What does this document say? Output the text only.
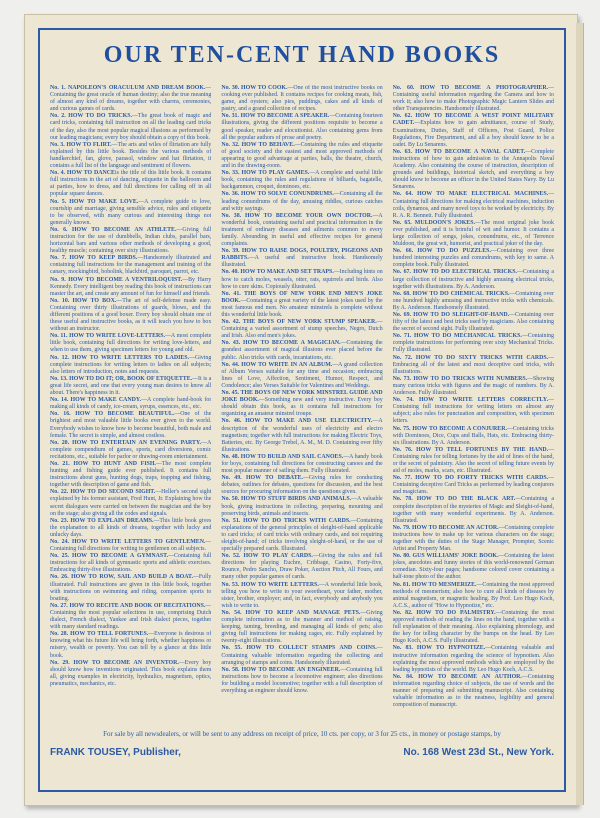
OUR TEN-CENT HAND BOOKS

No. 1. NAPOLEON'S ORACULUM AND DREAM BOOK.—Containing the great oracle of human destiny; also the true meaning of almost any kind of dreams, together with charms, ceremonies, and curious games of cards.

No. 2. HOW TO DO TRICKS.—The great book of magic and card tricks, containing full instruction on all the leading card tricks of the day, also the most popular magical illusions as performed by our leading magicians; every boy should obtain a copy of this book.

No. 3. HOW TO FLIRT.—The arts and wiles of flirtation are fully explained by this little book. Besides the various methods of handkerchief, fan, glove, parasol, window and hat flirtation, it contains a full list of the language and sentiment of flowers.

No. 4. HOW TO DANCEis the title of this little book. It contains full instructions in the art of dancing, etiquette in the ballroom and at parties, how to dress, and full directions for calling off in all popular square dances.

No. 5. HOW TO MAKE LOVE.—A complete guide to love, courtship and marriage, giving sensible advice, rules and etiquette to be observed, with many curious and interesting things not generally known.

No. 6. HOW TO BECOME AN ATHLETE.—Giving full instruction for the use of dumbbells, Indian clubs, parallel bars, horizontal bars and various other methods of developing a good, healthy muscle; containing over sixty illustrations.

No. 7. HOW TO KEEP BIRDS.—Handsomely illustrated and containing full instructions for the management and training of the canary, mockingbird, bobolink, blackbird, paroquet, parrot, etc.

No. 9. HOW TO BECOME A VENTRILOQUIST.—By Harry Kennedy. Every intelligent boy reading this book of instructions can master the art, and create any amount of fun for himself and friends.

No. 10. HOW TO BOX.—The art of self-defense made easy. Containing over thirty illustrations of guards, blows, and the different positions of a good boxer. Every boy should obtain one of these useful and instructive books, as it will teach you how to box without an instructor.

No. 11. HOW TO WRITE LOVE-LETTERS.—A most complete little book, containing full directions for writing love-letters, and when to use them, giving specimen letters for young and old.

No. 12. HOW TO WRITE LETTERS TO LADIES.—Giving complete instructions for writing letters to ladies on all subjects; also letters of introduction, notes and requests.

No. 13. HOW TO DO IT; OR, BOOK OF ETIQUETTE.—It is a great life secret, and one that every young man desires to know all about. There's happiness in it.

No. 14. HOW TO MAKE CANDY.—A complete hand-book for making all kinds of candy, ice-cream, syrups, essences, etc., etc.

No. 16. HOW TO BECOME BEAUTIFUL.—One of the brightest and most valuable little books ever given to the world. Everybody wishes to know how to become beautiful, both male and female. The secret is simple, and almost costless.

No. 20. HOW TO ENTERTAIN AN EVENING PARTY.—A complete compendium of games, sports, card diversions, comic recitations, etc., suitable for parlor or drawing-room entertainment.

No. 21. HOW TO HUNT AND FISH.—The most complete hunting and fishing guide ever published. It contains full instructions about guns, hunting dogs, traps, trapping and fishing, together with description of game and fish.

No. 22. HOW TO DO SECOND SIGHT.—Heller's second sight explained by his former assistant, Fred Hunt, Jr. Explaining how the secret dialogues were carried on between the magician and the boy on the stage; also giving all the codes and signals.

No. 23. HOW TO EXPLAIN DREAMS.—This little book gives the explanation to all kinds of dreams, together with lucky and unlucky days.

No. 24. HOW TO WRITE LETTERS TO GENTLEMEN.—Containing full directions for writing to gentlemen on all subjects.

No. 25. HOW TO BECOME A GYMNAST.—Containing full instructions for all kinds of gymnastic sports and athletic exercises. Embracing thirty-five illustrations.

No. 26. HOW TO ROW, SAIL AND BUILD A BOAT.—Fully illustrated. Full instructions are given in this little book, together with instructions on swimming and riding, companion sports to boating.

No. 27. HOW TO RECITE AND BOOK OF RECITATIONS.—Containing the most popular selections in use, comprising Dutch dialect, French dialect, Yankee and Irish dialect pieces, together with many standard readings.

No. 28. HOW TO TELL FORTUNES.—Everyone is desirous of knowing what his future life will bring forth, whether happiness or misery, wealth or poverty. You can tell by a glance at this little book.

No. 29. HOW TO BECOME AN INVENTOR.—Every boy should know how inventions originated. This book explains them all, giving examples in electricity, hydraulics, magnetism, optics, pneumatics, mechanics, etc.

No. 30. HOW TO COOK.—One of the most instructive books on cooking ever published. It contains recipes for cooking meats, fish, game, and oysters; also pies, puddings, cakes and all kinds of pastry, and a grand collection of recipes.

No. 31. HOW TO BECOME A SPEAKER.—Containing fourteen illustrations, giving the different positions requisite to become a good speaker, reader and elocutionist. Also containing gems from all the popular authors of prose and poetry.

No. 32. HOW TO BEHAVE.—Containing the rules and etiquette of good society and the easiest and most approved methods of appearing to good advantage at parties, balls, the theatre, church, and in the drawing-room.

No. 33. HOW TO PLAY GAMES.—A complete and useful little book, containing the rules and regulations of billiards, bagatelle, backgammon, croquet, dominoes, etc.

No. 36. HOW TO SOLVE CONUNDRUMS.—Containing all the leading conundrums of the day, amusing riddles, curious catches and witty sayings.

No. 38. HOW TO BECOME YOUR OWN DOCTOR.—A wonderful book, containing useful and practical information in the treatment of ordinary diseases and ailments common to every family. Abounding in useful and effective recipes for general complaints.

No. 39. HOW TO RAISE DOGS, POULTRY, PIGEONS AND RABBITS.—A useful and instructive book. Handsomely illustrated.

No. 40. HOW TO MAKE AND SET TRAPS.—Including hints on how to catch moles, weasels, otter, rats, squirrels and birds. Also how to cure skins. Copiously illustrated.

No. 41. THE BOYS OF NEW YORK END MEN'S JOKE BOOK.—Containing a great variety of the latest jokes used by the most famous end men. No amateur minstrels is complete without this wonderful little book.

No. 42. THE BOYS OF NEW YORK STUMP SPEAKER.—Containing a varied assortment of stump speeches, Negro, Dutch and Irish. Also end men's jokes.

No. 43. HOW TO BECOME A MAGICIAN.—Containing the grandest assortment of magical illusions ever placed before the public. Also tricks with cards, incantations, etc.

No. 44. HOW TO WRITE IN AN ALBUM.—A grand collection of Album Verses suitable for any time and occasion; embracing lines of Love, Affection, Sentiment, Humor, Respect, and Condolence; also Verses Suitable for Valentines and Weddings.

No. 45. THE BOYS OF NEW YORK MINSTREL GUIDE AND JOKE BOOK.—Something new and very instructive. Every boy should obtain this book, as it contains full instructions for organizing an amateur minstrel troupe.

No. 46. HOW TO MAKE AND USE ELECTRICITY.—A description of the wonderful uses of electricity and electro magnetism; together with full instructions for making Electric Toys, Batteries, etc. By George Trebel, A. M., M. D. Containing over fifty illustrations.

No. 48. HOW TO BUILD AND SAIL CANOES.—A handy book for boys, containing full directions for constructing canoes and the most popular manner of sailing them. Fully illustrated.

No. 49. HOW TO DEBATE.—Giving rules for conducting debates, outlines for debates, questions for discussion, and the best sources for procuring information on the questions given.

No. 50. HOW TO STUFF BIRDS AND ANIMALS.—A valuable book, giving instructions in collecting, preparing, mounting and preserving birds, animals and insects.

No. 51. HOW TO DO TRICKS WITH CARDS.—Containing explanations of the general principles of sleight-of-hand applicable to card tricks; of card tricks with ordinary cards, and not requiring sleight-of-hand; of tricks involving sleight-of-hand, or the use of specially prepared cards. Illustrated.

No. 52. HOW TO PLAY CARDS.—Giving the rules and full directions for playing Euchre, Cribbage, Casino, Forty-five, Rounce, Pedro Sancho, Draw Poker, Auction Pitch, All Fours, and many other popular games of cards.

No. 53. HOW TO WRITE LETTERS.—A wonderful little book, telling you how to write to your sweetheart, your father, mother, sister, brother, employer; and, in fact, everybody and anybody you wish to write to.

No. 54. HOW TO KEEP AND MANAGE PETS.—Giving complete information as to the manner and method of raising, keeping, taming, breeding, and managing all kinds of pets; also giving full instructions for making cages, etc. Fully explained by twenty-eight illustrations.

No. 55. HOW TO COLLECT STAMPS AND COINS.—Containing valuable information regarding the collecting and arranging of stamps and coins. Handsomely illustrated.

No. 58. HOW TO BECOME AN ENGINEER.—Containing full instructions how to become a locomotive engineer; also directions for building a model locomotive; together with a full description of everything an engineer should know.

No. 60. HOW TO BECOME A PHOTOGRAPHER.—Containing useful information regarding the Camera and how to work it; also how to make Photographic Magic Lantern Slides and other Transparencies. Handsomely illustrated.

No. 62. HOW TO BECOME A WEST POINT MILITARY CADET.—Explains how to gain admittance, course of Study, Examinations, Duties, Staff of Officers, Post Guard, Police Regulations, Fire Department, and all a boy should know to be a cadet. By Lu Senarens.

No. 63. HOW TO BECOME A NAVAL CADET.—Complete instructions of how to gain admission to the Annapolis Naval Academy. Also containing the course of instruction, description of grounds and buildings, historical sketch, and everything a boy should know to become an officer in the United States Navy. By Lu Senarens.

No. 64. HOW TO MAKE ELECTRICAL MACHINES.—Containing full directions for making electrical machines, induction coils, dynamos, and many novel toys to be worked by electricity. By R. A. R. Bennett. Fully illustrated.

No. 65. MULDOON'S JOKES.—The most original joke book ever published, and it is brimful of wit and humor. It contains a large collection of songs, jokes, conundrums, etc., of Terrence Muldoon, the great wit, humorist, and practical joker of the day.

No. 66. HOW TO DO PUZZLES.—Containing over three hundred interesting puzzles and conundrums, with key to same. A complete book. Fully illustrated.

No. 67. HOW TO DO ELECTRICAL TRICKS.—Containing a large collection of instructive and highly amusing electrical tricks, together with illustrations. By A. Anderson.

No. 68. HOW TO DO CHEMICAL TRICKS.—Containing over one hundred highly amusing and instructive tricks with chemicals. By A. Anderson. Handsomely illustrated.

No. 69. HOW TO DO SLEIGHT-OF-HAND.—Containing over fifty of the latest and best tricks used by magicians. Also containing the secret of second sight. Fully illustrated.

No. 71. HOW TO DO MECHANICAL TRICKS.—Containing complete instructions for performing over sixty Mechanical Tricks. Fully illustrated.

No. 72. HOW TO DO SIXTY TRICKS WITH CARDS.—Embracing all of the latest and most deceptive card tricks, with illustrations.

No. 73. HOW TO DO TRICKS WITH NUMBERS.—Showing many curious tricks with figures and the magic of numbers. By A. Anderson. Fully illustrated.

No. 74. HOW TO WRITE LETTERS CORRECTLY.—Containing full instructions for writing letters on almost any subject; also rules for punctuation and composition, with specimen letters.

No. 75. HOW TO BECOME A CONJURER.—Containing tricks with Dominoes, Dice, Cups and Balls, Hats, etc. Embracing thirty-six illustrations. By A. Anderson.

No. 76. HOW TO TELL FORTUNES BY THE HAND.—Containing rules for telling fortunes by the aid of lines of the hand, or the secret of palmistry. Also the secret of telling future events by aid of moles, marks, scars, etc. Illustrated.

No. 77. HOW TO DO FORTY TRICKS WITH CARDS.—Containing deceptive Card Tricks as performed by leading conjurers and magicians.

No. 78. HOW TO DO THE BLACK ART.—Containing a complete description of the mysteries of Magic and Sleight-of-hand, together with many wonderful experiments. By A. Anderson. Illustrated.

No. 79. HOW TO BECOME AN ACTOR.—Containing complete instructions how to make up for various characters on the stage; together with the duties of the Stage Manager, Prompter, Scenic Artist and Property Man.

No. 80. GUS WILLIAMS' JOKE BOOK.—Containing the latest jokes, anecdotes and funny stories of this world-renowned German comedian. Sixty-four pages; handsome colored cover containing a half-tone photo of the author.

No. 81. HOW TO MESMERIZE.—Containing the most approved methods of mesmerism; also how to cure all kinds of diseases by animal magnetism, or magnetic healing. By Prof. Leo Hugo Koch, A.C.S., author of "How to Hypnotize," etc.

No. 82. HOW TO DO PALMISTRY.—Containing the most approved methods of reading the lines on the hand, together with a full explanation of their meaning. Also explaining phrenology, and the key for telling character by the bumps on the head. By Leo Hugo Koch, A.C.S. Fully illustrated.

No. 83. HOW TO HYPNOTIZE.—Containing valuable and instructive information regarding the science of hypnotism. Also explaining the most approved methods which are employed by the leading hypnotists of the world. By Leo Hugo Koch, A.C.S.

No. 84. HOW TO BECOME AN AUTHOR.—Containing information regarding choice of subjects, the use of words and the manner of preparing and submitting manuscript. Also containing valuable information as to the neatness, legibility and general composition of manuscript.

For sale by all newsdealers, or will be sent to any address on receipt of price, 10 cts. per copy, or 3 for 25 cts., in money or postage stamps, by
FRANK TOUSEY, Publisher,	No. 168 West 23d St., New York.
